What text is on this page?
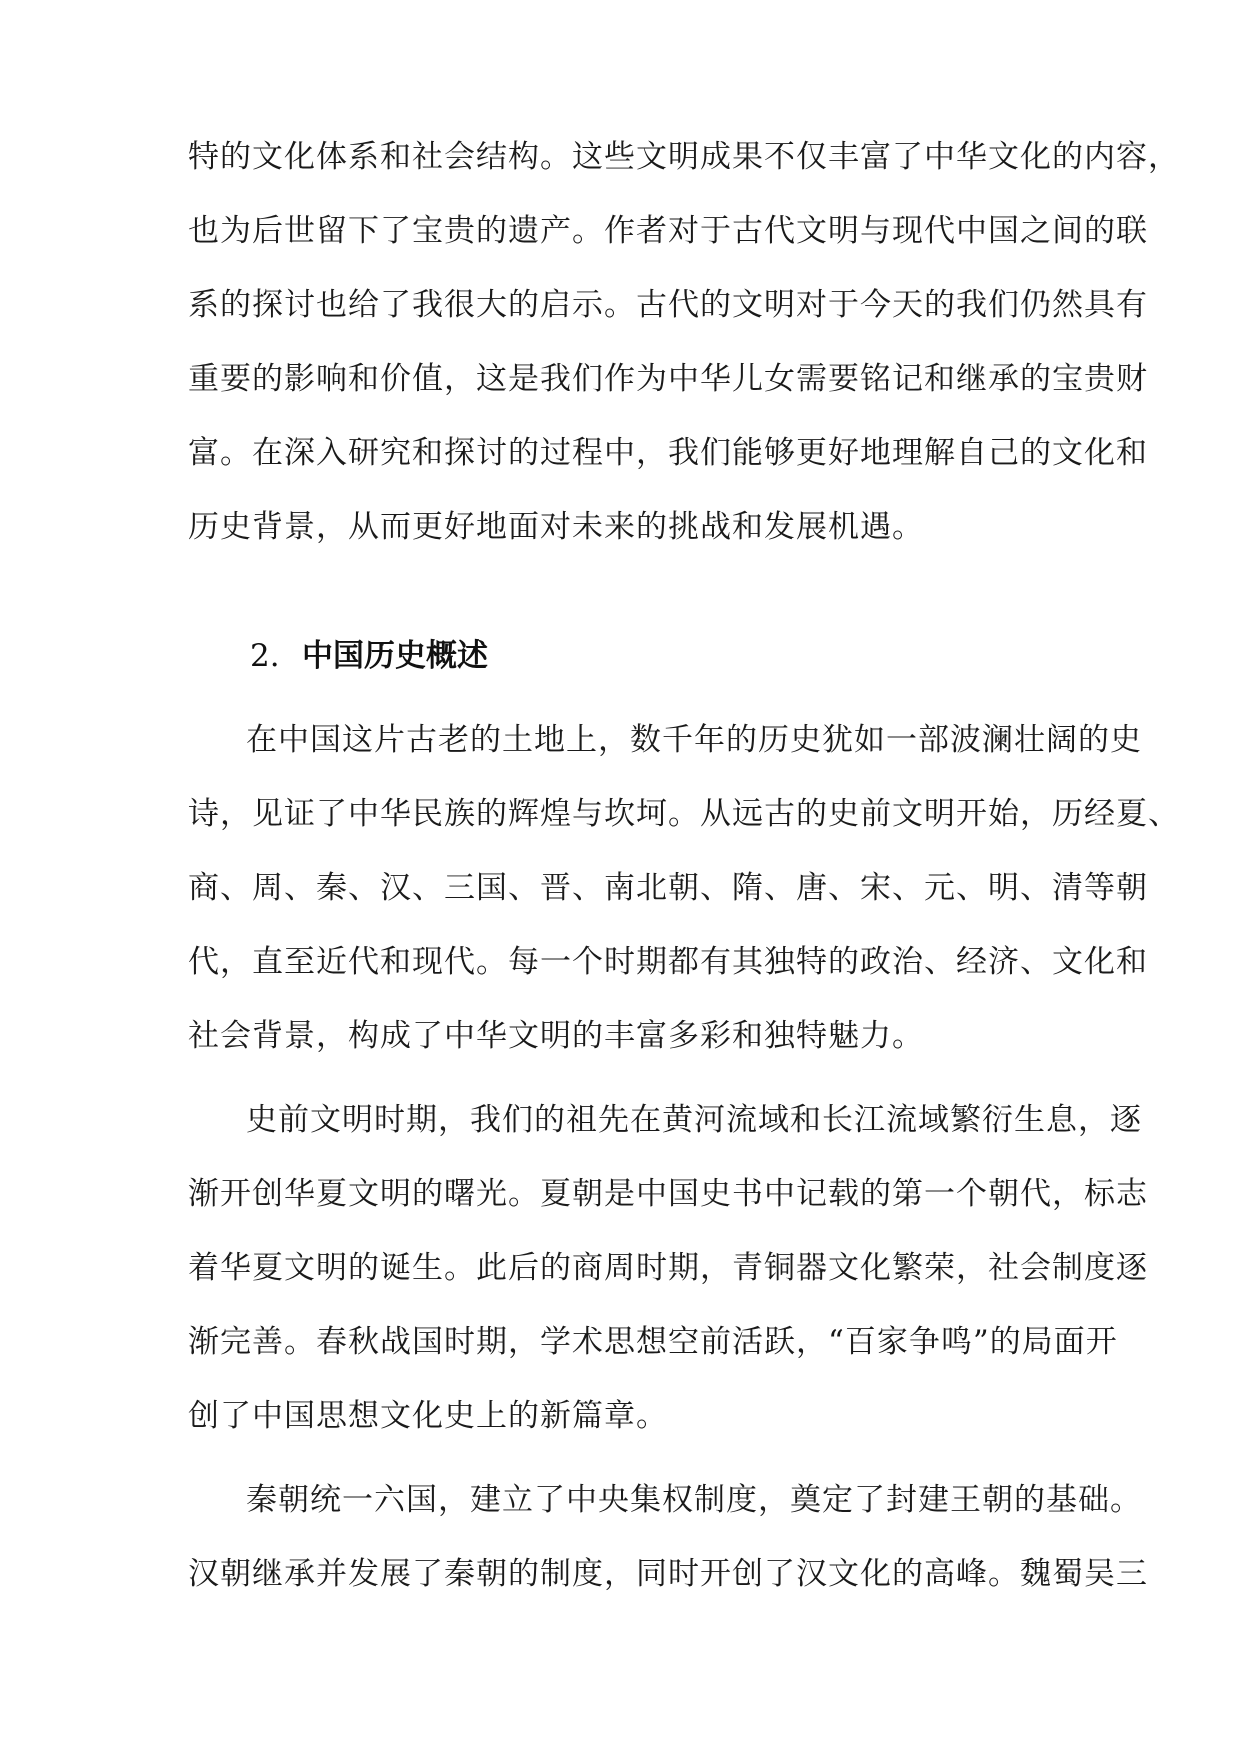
特的文化体系和社会结构。这些文明成果不仅丰富了中华文化的内容，
也为后世留下了宝贵的遗产。作者对于古代文明与现代中国之间的联
系的探讨也给了我很大的启示。古代的文明对于今天的我们仍然具有
重要的影响和价值，这是我们作为中华儿女需要铭记和继承的宝贵财
富。在深入研究和探讨的过程中，我们能够更好地理解自己的文化和
历史背景，从而更好地面对未来的挑战和发展机遇。
2. 中国历史概述
在中国这片古老的土地上，数千年的历史犹如一部波澜壮阔的史
诗，见证了中华民族的辉煌与坎坷。从远古的史前文明开始，历经夏、
商、周、秦、汉、三国、晋、南北朝、隋、唐、宋、元、明、清等朝
代，直至近代和现代。每一个时期都有其独特的政治、经济、文化和
社会背景，构成了中华文明的丰富多彩和独特魅力。
史前文明时期，我们的祖先在黄河流域和长江流域繁衍生息，逐
渐开创华夏文明的曙光。夏朝是中国史书中记载的第一个朝代，标志
着华夏文明的诞生。此后的商周时期，青铜器文化繁荣，社会制度逐
渐完善。春秋战国时期，学术思想空前活跃，“百家争鸣”的局面开
创了中国思想文化史上的新篇章。
秦朝统一六国，建立了中央集权制度，奠定了封建王朝的基础。
汉朝继承并发展了秦朝的制度，同时开创了汉文化的高峰。魏蜀吴三
